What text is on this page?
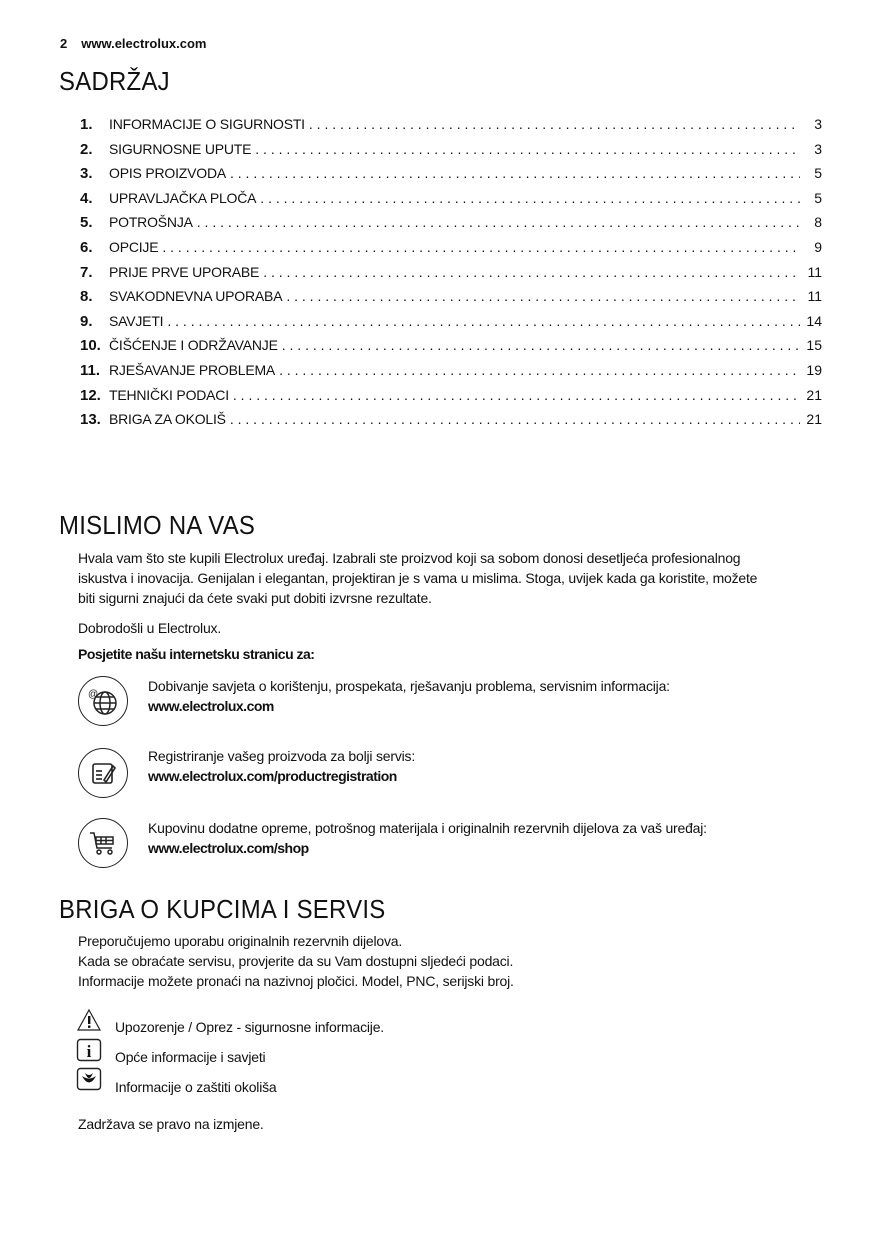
2 www.electrolux.com
SADRŽAJ
1.	INFORMACIJE O SIGURNOSTI . . .	3
2.	SIGURNOSNE UPUTE . . .	3
3.	OPIS PROIZVODA . . .	5
4.	UPRAVLJAČKA PLOČA . . .	5
5.	POTROŠNJA . . .	8
6.	OPCIJE . . .	9
7.	PRIJE PRVE UPORABE . . .	11
8.	SVAKODNEVNA UPORABA . . .	11
9.	SAVJETI . . .	14
10. ČIŠĆENJE I ODRŽAVANJE . . .	15
11. RJEŠAVANJE PROBLEMA . . .	19
12. TEHNIČKI PODACI . . .	21
13. BRIGA ZA OKOLIŠ . . .	21
MISLIMO NA VAS
Hvala vam što ste kupili Electrolux uređaj. Izabrali ste proizvod koji sa sobom donosi desetljeća profesionalnog
iskustva i inovacija. Genijalan i elegantan, projektiran je s vama u mislima. Stoga, uvijek kada ga koristite, možete
biti sigurni znajući da ćete svaki put dobiti izvrsne rezultate.
Dobrodošli u Electrolux.
Posjetite našu internetsku stranicu za:
@
Dobivanje savjeta o korištenju, prospekata, rješavanju problema, servisnim informacija:
www.electrolux.com
Registriranje vašeg proizvoda za bolji servis:
www.electrolux.com/productregistration
Kupovinu dodatne opreme, potrošnog materijala i originalnih rezervnih dijelova za vaš uređaj:
www.electrolux.com/shop
BRIGA O KUPCIMA I SERVIS
Preporučujemo uporabu originalnih rezervnih dijelova.
Kada se obraćate servisu, provjerite da su Vam dostupni sljedeći podaci.
Informacije možete pronaći na nazivnoj pločici. Model, PNC, serijski broj.
Upozorenje / Oprez - sigurnosne informacije.
i Opće informacije i savjeti
Informacije o zaštiti okoliša
Zadržava se pravo na izmjene.
